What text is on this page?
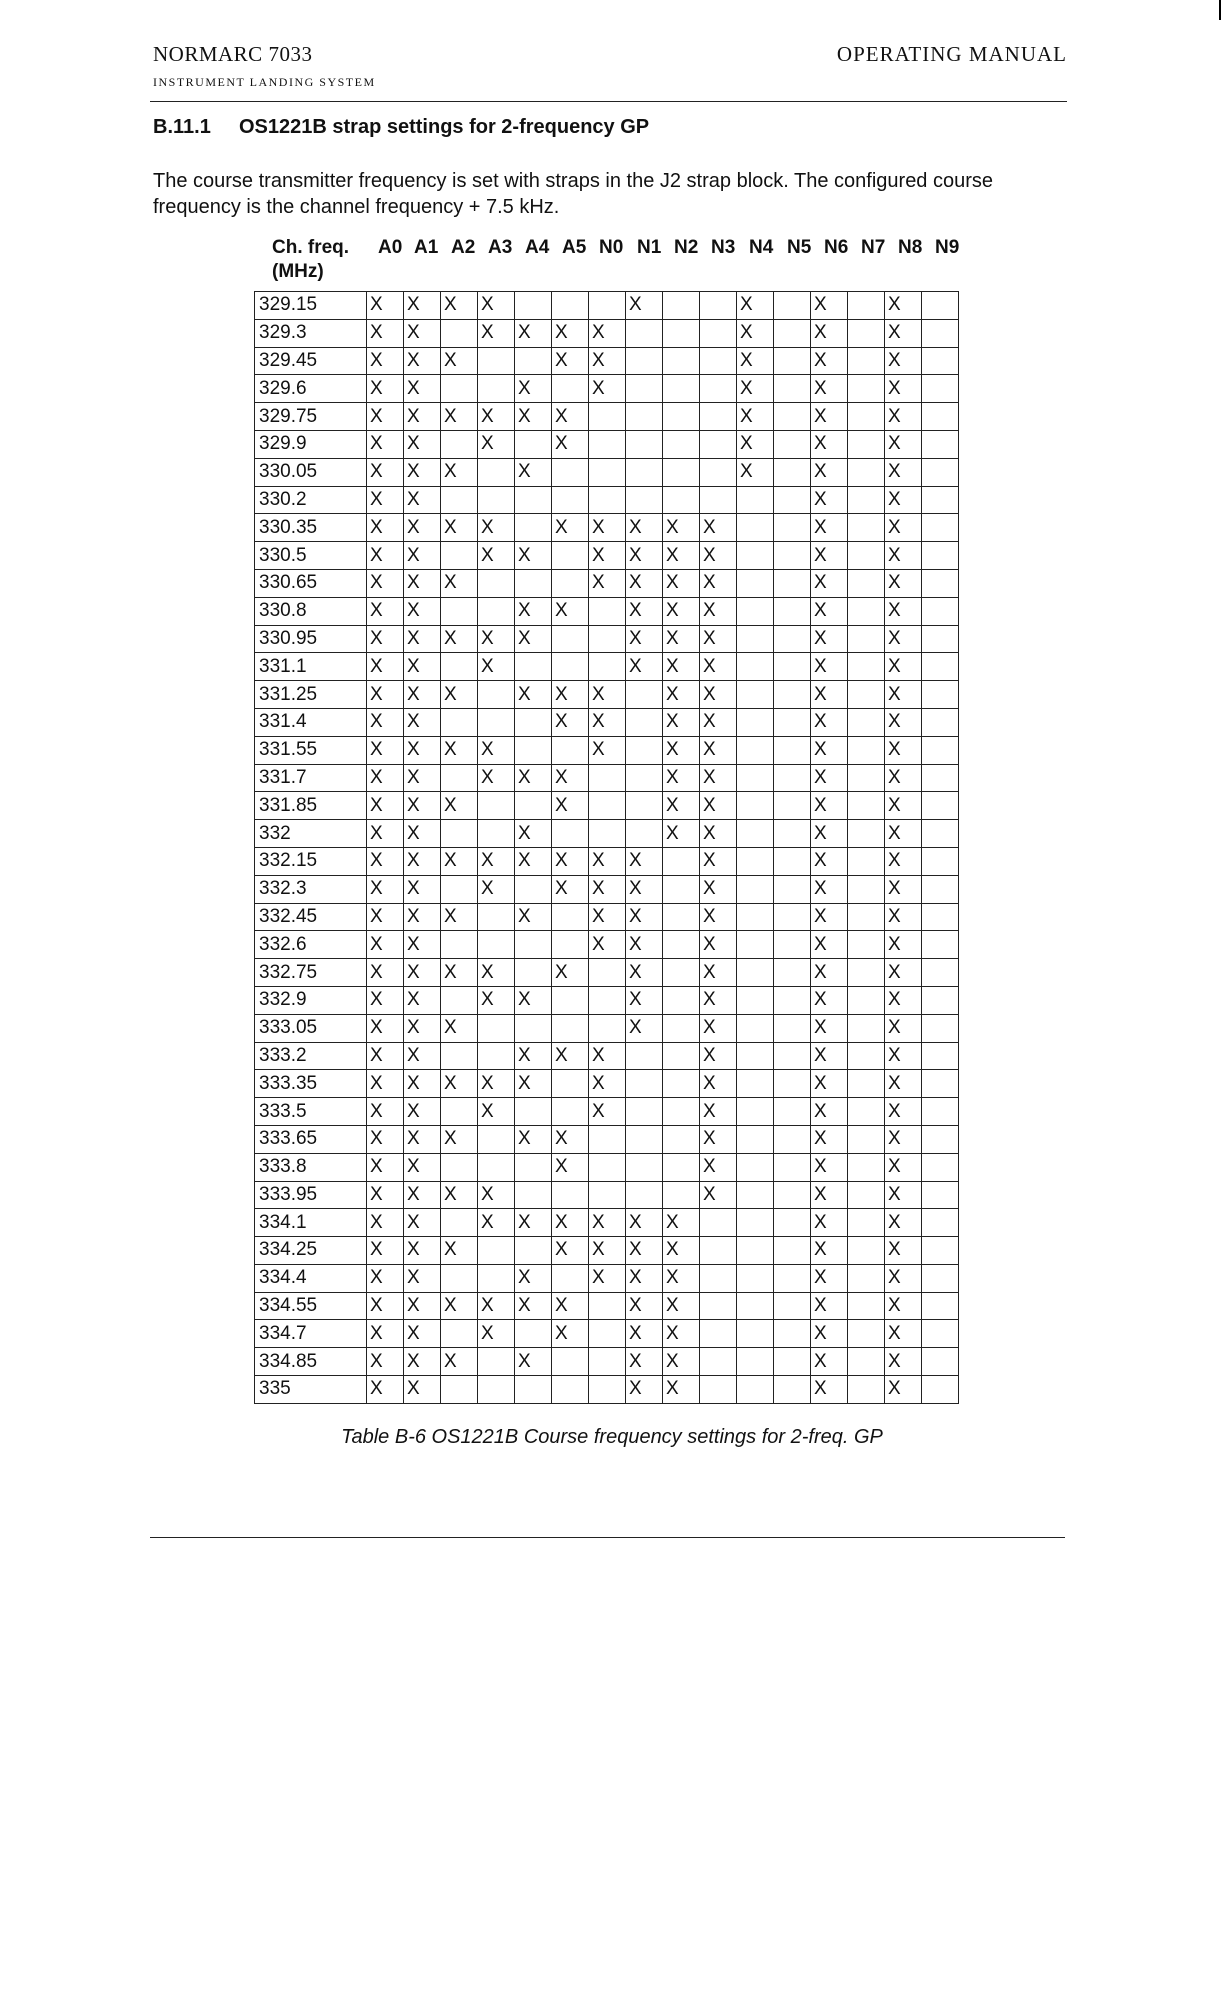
NORMARC 7033
INSTRUMENT LANDING SYSTEM
OPERATING MANUAL
B.11.1 OS1221B strap settings for 2-frequency GP
The course transmitter frequency is set with straps in the J2 strap block. The configured course frequency is the channel frequency + 7.5 kHz.
Ch. freq.
(MHz)
A0 A1 A2 A3 A4 A5 N0 N1 N2 N3 N4 N5 N6 N7 N8 N9
329.15	X	X	X	X				X			X		X		X	
329.3	X	X		X	X	X	X				X		X		X	
329.45	X	X	X			X	X				X		X		X	
329.6	X	X			X		X				X		X		X	
329.75	X	X	X	X	X	X					X		X		X	
329.9	X	X		X		X					X		X		X	
330.05	X	X	X		X						X		X		X	
330.2	X	X											X		X	
330.35	X	X	X	X		X	X	X	X	X			X		X	
330.5	X	X		X	X		X	X	X	X			X		X	
330.65	X	X	X				X	X	X	X			X		X	
330.8	X	X			X	X		X	X	X			X		X	
330.95	X	X	X	X	X			X	X	X			X		X	
331.1	X	X		X				X	X	X			X		X	
331.25	X	X	X		X	X	X		X	X			X		X	
331.4	X	X				X	X		X	X			X		X	
331.55	X	X	X	X			X		X	X			X		X	
331.7	X	X		X	X	X			X	X			X		X	
331.85	X	X	X			X			X	X			X		X	
332	X	X			X				X	X			X		X	
332.15	X	X	X	X	X	X	X	X		X			X		X	
332.3	X	X		X		X	X	X		X			X		X	
332.45	X	X	X		X		X	X		X			X		X	
332.6	X	X					X	X		X			X		X	
332.75	X	X	X	X		X		X		X			X		X	
332.9	X	X		X	X			X		X			X		X	
333.05	X	X	X					X		X			X		X	
333.2	X	X			X	X	X			X			X		X	
333.35	X	X	X	X	X		X			X			X		X	
333.5	X	X		X			X			X			X		X	
333.65	X	X	X		X	X				X			X		X	
333.8	X	X				X				X			X		X	
333.95	X	X	X	X						X			X		X	
334.1	X	X		X	X	X	X	X	X				X		X	
334.25	X	X	X			X	X	X	X				X		X	
334.4	X	X			X		X	X	X				X		X	
334.55	X	X	X	X	X	X		X	X				X		X	
334.7	X	X		X		X		X	X				X		X	
334.85	X	X	X		X			X	X				X		X	
335	X	X						X	X				X		X	
Table B-6 OS1221B Course frequency settings for 2-freq. GP
